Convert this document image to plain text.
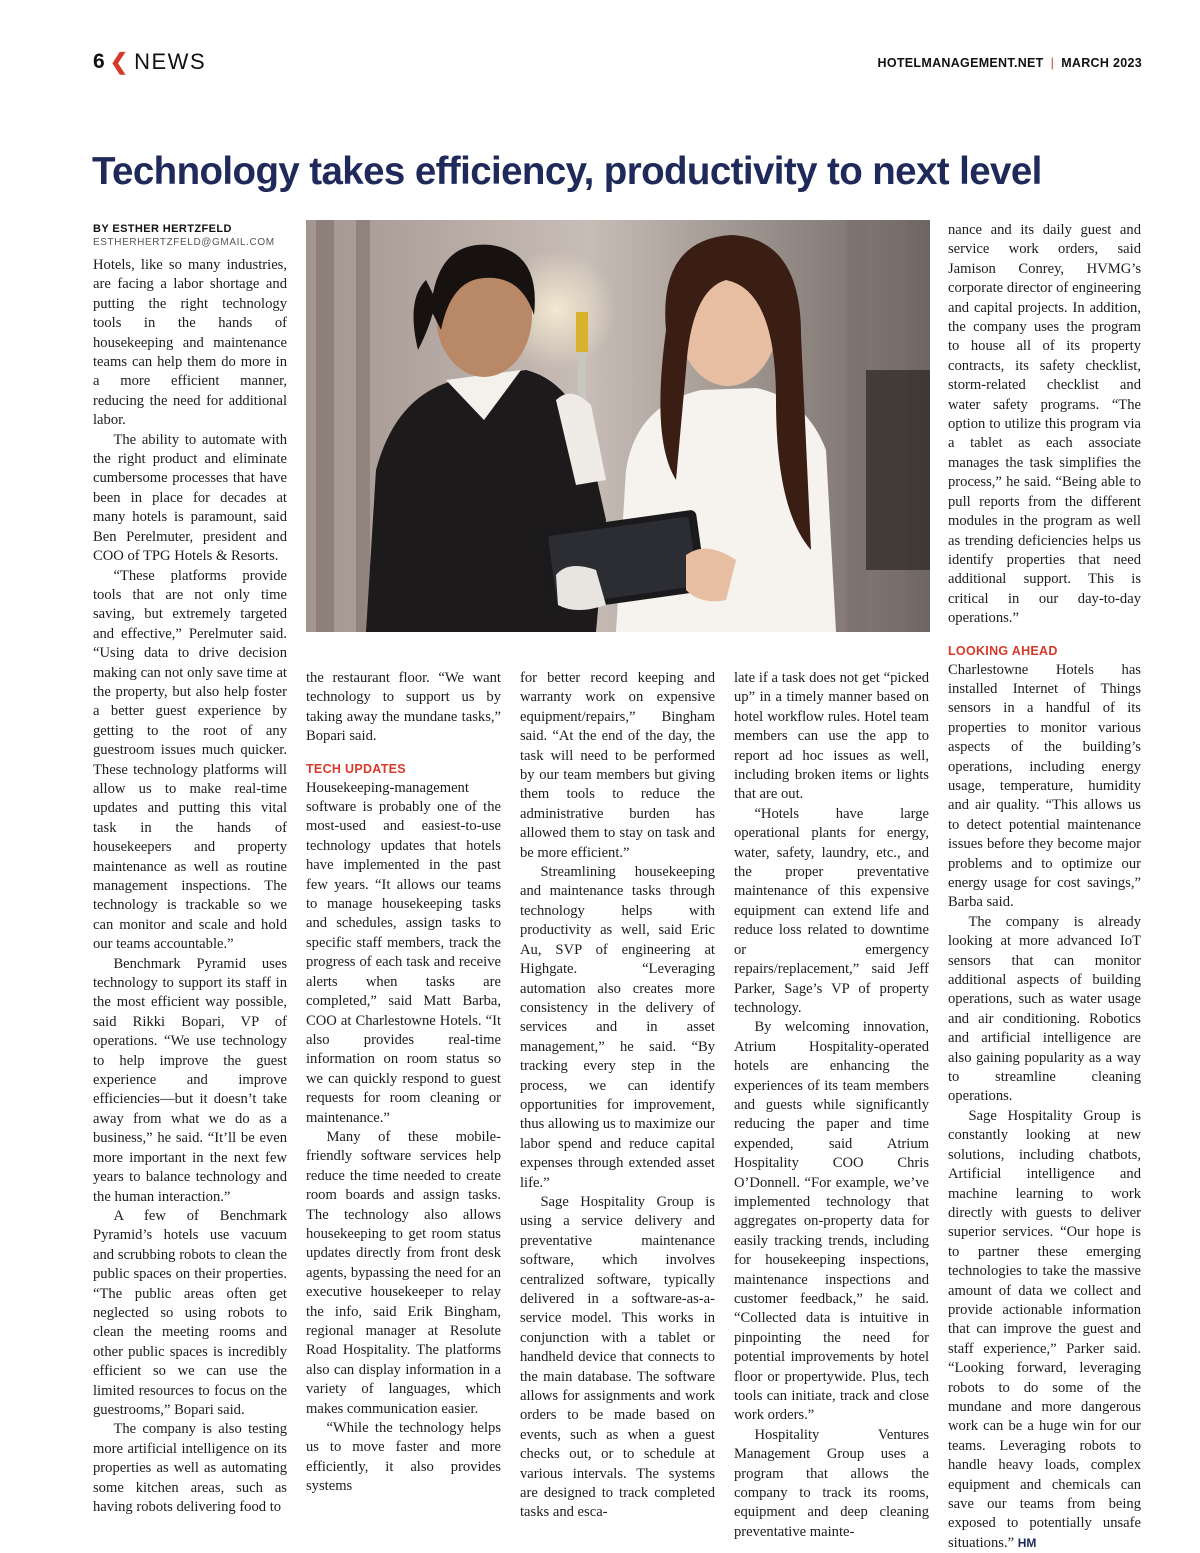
6 ❮ NEWS	HOTELMANAGEMENT.NET | MARCH 2023
Technology takes efficiency, productivity to next level
BY ESTHER HERTZFELD
ESTHERHERTZFELD@GMAIL.COM

Hotels, like so many industries, are facing a labor shortage and putting the right technology tools in the hands of housekeeping and maintenance teams can help them do more in a more efficient manner, reducing the need for additional labor.

The ability to automate with the right product and eliminate cumbersome processes that have been in place for decades at many hotels is paramount, said Ben Perelmuter, president and COO of TPG Hotels & Resorts.

“These platforms provide tools that are not only time saving, but extremely targeted and effective,” Perelmuter said. “Using data to drive decision making can not only save time at the property, but also help foster a better guest experience by getting to the root of any guestroom issues much quicker. These technology platforms will allow us to make real-time updates and putting this vital task in the hands of housekeepers and property maintenance as well as routine management inspections. The technology is trackable so we can monitor and scale and hold our teams accountable.”

Benchmark Pyramid uses technology to support its staff in the most efficient way possible, said Rikki Bopari, VP of operations. “We use technology to help improve the guest experience and improve efficiencies—but it doesn’t take away from what we do as a business,” he said. “It’ll be even more important in the next few years to balance technology and the human interaction.”

A few of Benchmark Pyramid’s hotels use vacuum and scrubbing robots to clean the public spaces on their properties. “The public areas often get neglected so using robots to clean the meeting rooms and other public spaces is incredibly efficient so we can use the limited resources to focus on the guestrooms,” Bopari said.

The company is also testing more artificial intelligence on its properties as well as automating some kitchen areas, such as having robots delivering food to

the restaurant floor. “We want technology to support us by taking away the mundane tasks,” Bopari said.

TECH UPDATES

Housekeeping-management software is probably one of the most-used and easiest-to-use technology updates that hotels have implemented in the past few years. “It allows our teams to manage housekeeping tasks and schedules, assign tasks to specific staff members, track the progress of each task and receive alerts when tasks are completed,” said Matt Barba, COO at Charlestowne Hotels. “It also provides real-time information on room status so we can quickly respond to guest requests for room cleaning or maintenance.”

Many of these mobile-friendly software services help reduce the time needed to create room boards and assign tasks. The technology also allows housekeeping to get room status updates directly from front desk agents, bypassing the need for an executive housekeeper to relay the info, said Erik Bingham, regional manager at Resolute Road Hospitality. The platforms also can display information in a variety of languages, which makes communication easier.

“While the technology helps us to move faster and more efficiently, it also provides systems

for better record keeping and warranty work on expensive equipment/repairs,” Bingham said. “At the end of the day, the task will need to be performed by our team members but giving them tools to reduce the administrative burden has allowed them to stay on task and be more efficient.”

Streamlining housekeeping and maintenance tasks through technology helps with productivity as well, said Eric Au, SVP of engineering at Highgate. “Leveraging automation also creates more consistency in the delivery of services and in asset management,” he said. “By tracking every step in the process, we can identify opportunities for improvement, thus allowing us to maximize our labor spend and reduce capital expenses through extended asset life.”

Sage Hospitality Group is using a service delivery and preventative maintenance software, which involves centralized software, typically delivered in a software-as-a-service model. This works in conjunction with a tablet or handheld device that connects to the main database. The software allows for assignments and work orders to be made based on events, such as when a guest checks out, or to schedule at various intervals. The systems are designed to track completed tasks and esca-

late if a task does not get “picked up” in a timely manner based on hotel workflow rules. Hotel team members can use the app to report ad hoc issues as well, including broken items or lights that are out.

“Hotels have large operational plants for energy, water, safety, laundry, etc., and the proper preventative maintenance of this expensive equipment can extend life and reduce loss related to downtime or emergency repairs/replacement,” said Jeff Parker, Sage’s VP of property technology.

By welcoming innovation, Atrium Hospitality-operated hotels are enhancing the experiences of its team members and guests while significantly reducing the paper and time expended, said Atrium Hospitality COO Chris O’Donnell. “For example, we’ve implemented technology that aggregates on-property data for easily tracking trends, including for housekeeping inspections, maintenance inspections and customer feedback,” he said. “Collected data is intuitive in pinpointing the need for potential improvements by hotel floor or propertywide. Plus, tech tools can initiate, track and close work orders.”

Hospitality Ventures Management Group uses a program that allows the company to track its rooms, equipment and deep cleaning preventative mainte-

nance and its daily guest and service work orders, said Jamison Conrey, HVMG’s corporate director of engineering and capital projects. In addition, the company uses the program to house all of its property contracts, its safety checklist, storm-related checklist and water safety programs. “The option to utilize this program via a tablet as each associate manages the task simplifies the process,” he said. “Being able to pull reports from the different modules in the program as well as trending deficiencies helps us identify properties that need additional support. This is critical in our day-to-day operations.”

LOOKING AHEAD

Charlestowne Hotels has installed Internet of Things sensors in a handful of its properties to monitor various aspects of the building’s operations, including energy usage, temperature, humidity and air quality. “This allows us to detect potential maintenance issues before they become major problems and to optimize our energy usage for cost savings,” Barba said.

The company is already looking at more advanced IoT sensors that can monitor additional aspects of building operations, such as water usage and air conditioning. Robotics and artificial intelligence are also gaining popularity as a way to streamline cleaning operations.

Sage Hospitality Group is constantly looking at new solutions, including chatbots, Artificial intelligence and machine learning to work directly with guests to deliver superior services. “Our hope is to partner these emerging technologies to take the massive amount of data we collect and provide actionable information that can improve the guest and staff experience,” Parker said. “Looking forward, leveraging robots to do some of the mundane and more dangerous work can be a huge win for our teams. Leveraging robots to handle heavy loads, complex equipment and chemicals can save our teams from being exposed to potentially unsafe situations.” HM
